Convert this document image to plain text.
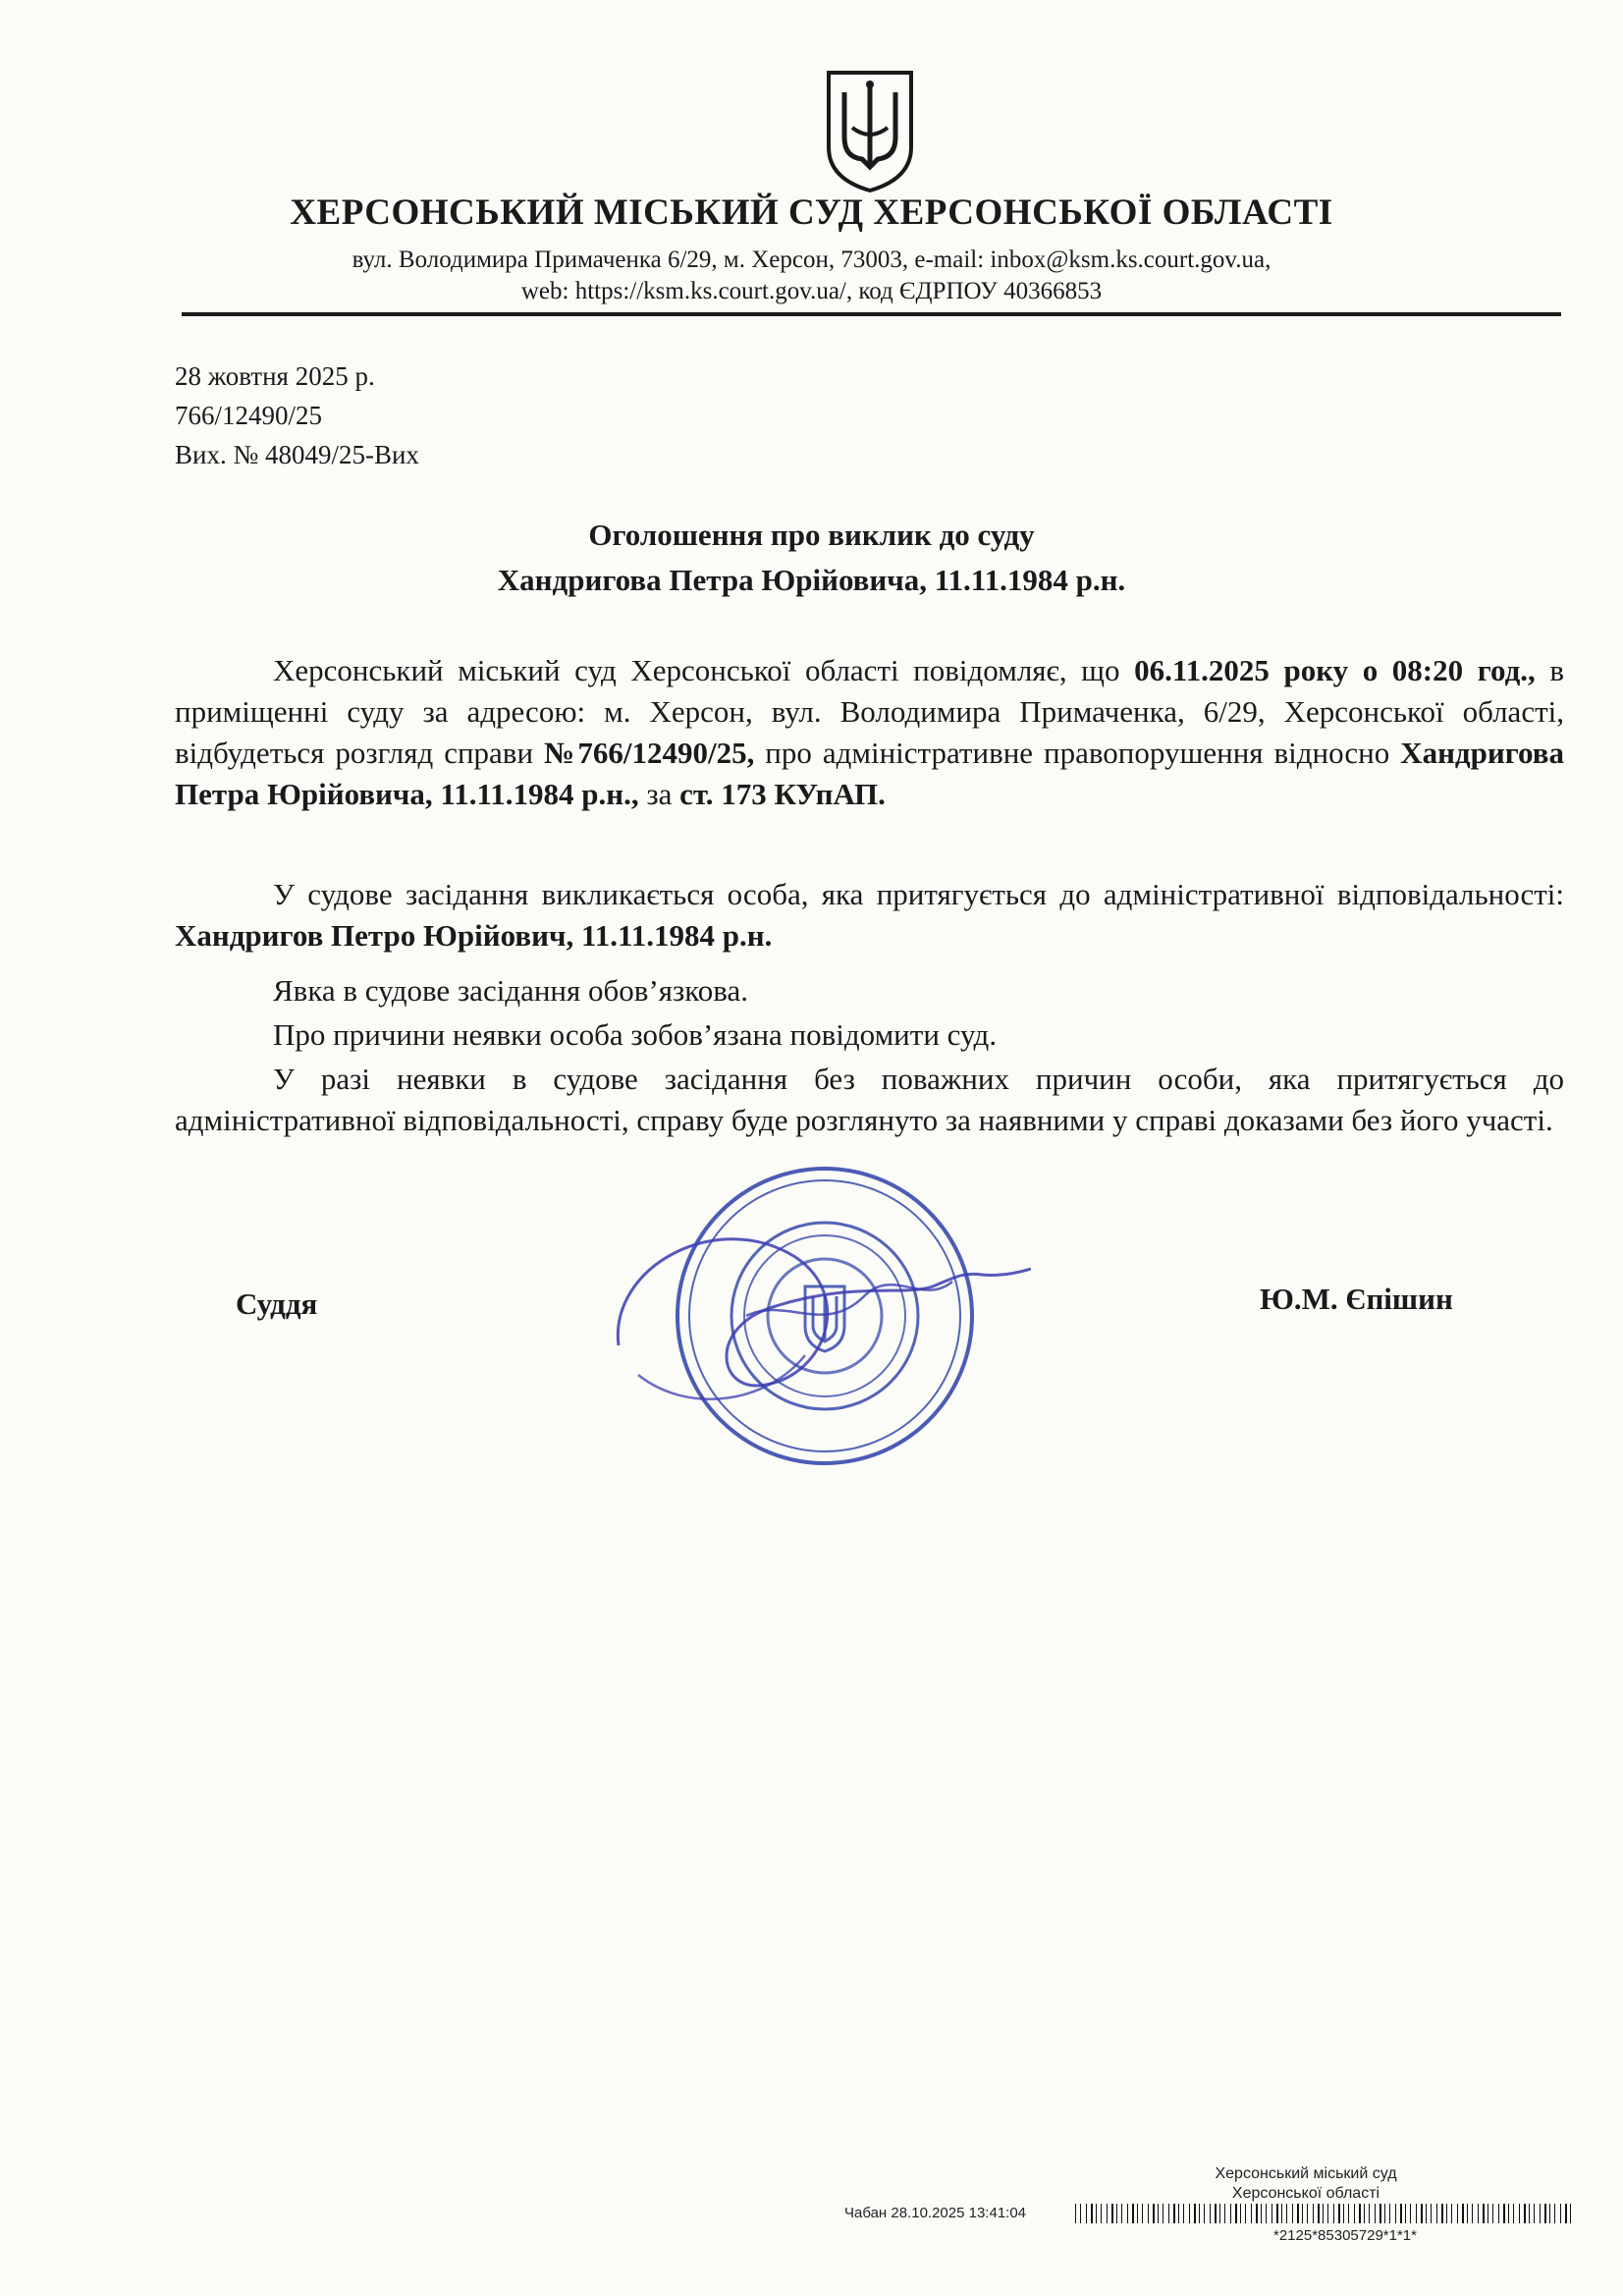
ХЕРСОНСЬКИЙ МІСЬКИЙ СУД ХЕРСОНСЬКОЇ ОБЛАСТІ
вул. Володимира Примаченка 6/29, м. Херсон, 73003, e-mail: inbox@ksm.ks.court.gov.ua,
web: https://ksm.ks.court.gov.ua/, код ЄДРПОУ 40366853
28 жовтня 2025 р.
766/12490/25
Вих. № 48049/25-Вих
Оголошення про виклик до суду
Хандригова Петра Юрійовича, 11.11.1984 р.н.

Херсонський міський суд Херсонської області повідомляє, що 06.11.2025 року о 08:20 год., в приміщенні суду за адресою: м. Херсон, вул. Володимира Примаченка, 6/29, Херсонської області, відбудеться розгляд справи №766/12490/25, про адміністративне правопорушення відносно Хандригова Петра Юрійовича, 11.11.1984 р.н., за ст. 173 КУпАП.

У судове засідання викликається особа, яка притягується до адміністративної відповідальності: Хандригов Петро Юрійович, 11.11.1984 р.н.

Явка в судове засідання обов’язкова.

Про причини неявки особа зобов’язана повідомити суд.

У разі неявки в судове засідання без поважних причин особи, яка притягується до адміністративної відповідальності, справу буде розглянуто за наявними у справі доказами без його участі.

Суддя	Ю.М. Єпішин
Херсонський міський суд
Херсонської області
Чабан 28.10.2025 13:41:04
*2125*85305729*1*1*
